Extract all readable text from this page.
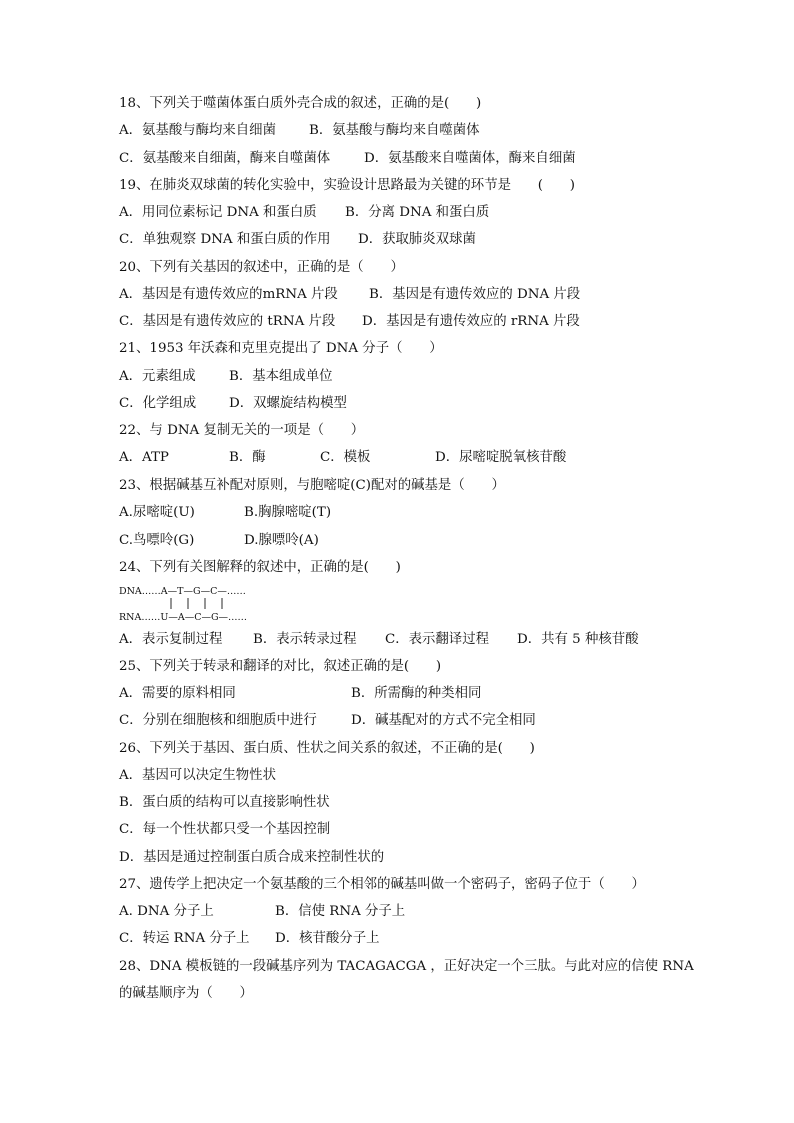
18、下列关于噬菌体蛋白质外壳合成的叙述，正确的是(　　)
A．氨基酸与酶均来自细菌 B．氨基酸与酶均来自噬菌体
C．氨基酸来自细菌，酶来自噬菌体	D．氨基酸来自噬菌体，酶来自细菌
19、在肺炎双球菌的转化实验中，实验设计思路最为关键的环节是　　(　　)
A．用同位素标记 DNA 和蛋白质 B．分离 DNA 和蛋白质
C．单独观察 DNA 和蛋白质的作用 D．获取肺炎双球菌
20、下列有关基因的叙述中，正确的是（　　）
A．基因是有遗传效应的mRNA 片段 B．基因是有遗传效应的 DNA 片段
C．基因是有遗传效应的 tRNA 片段 D．基因是有遗传效应的 rRNA 片段
21、1953 年沃森和克里克提出了 DNA 分子（　　）
A．元素组成 B．基本组成单位
C．化学组成 D．双螺旋结构模型
22、与 DNA 复制无关的一项是（　　）
A．ATP	B．酶	C．模板	D．尿嘧啶脱氧核苷酸
23、根据碱基互补配对原则，与胞嘧啶(C)配对的碱基是（　　）
A.尿嘧啶(U)	B.胸腺嘧啶(T)
C.鸟嘌呤(G)	D.腺嘌呤(A)
24、下列有关图解释的叙述中，正确的是(　　)
DNA……A—T—G—C—……
RNA……U—A—C—G—……
A．表示复制过程 B．表示转录过程 C．表示翻译过程 D．共有 5 种核苷酸
25、下列关于转录和翻译的对比，叙述正确的是(　　)
A．需要的原料相同	B．所需酶的种类相同
C．分别在细胞核和细胞质中进行	D．碱基配对的方式不完全相同
26、下列关于基因、蛋白质、性状之间关系的叙述，不正确的是(　　)
A．基因可以决定生物性状
B．蛋白质的结构可以直接影响性状
C．每一个性状都只受一个基因控制
D．基因是通过控制蛋白质合成来控制性状的
27、遗传学上把决定一个氨基酸的三个相邻的碱基叫做一个密码子，密码子位于（　　）
A. DNA 分子上	B．信使 RNA 分子上
C．转运 RNA 分子上 D．核苷酸分子上
28、DNA 模板链的一段碱基序列为 TACAGACGA ，正好决定一个三肽。与此对应的信使 RNA
的碱基顺序为（　　）
